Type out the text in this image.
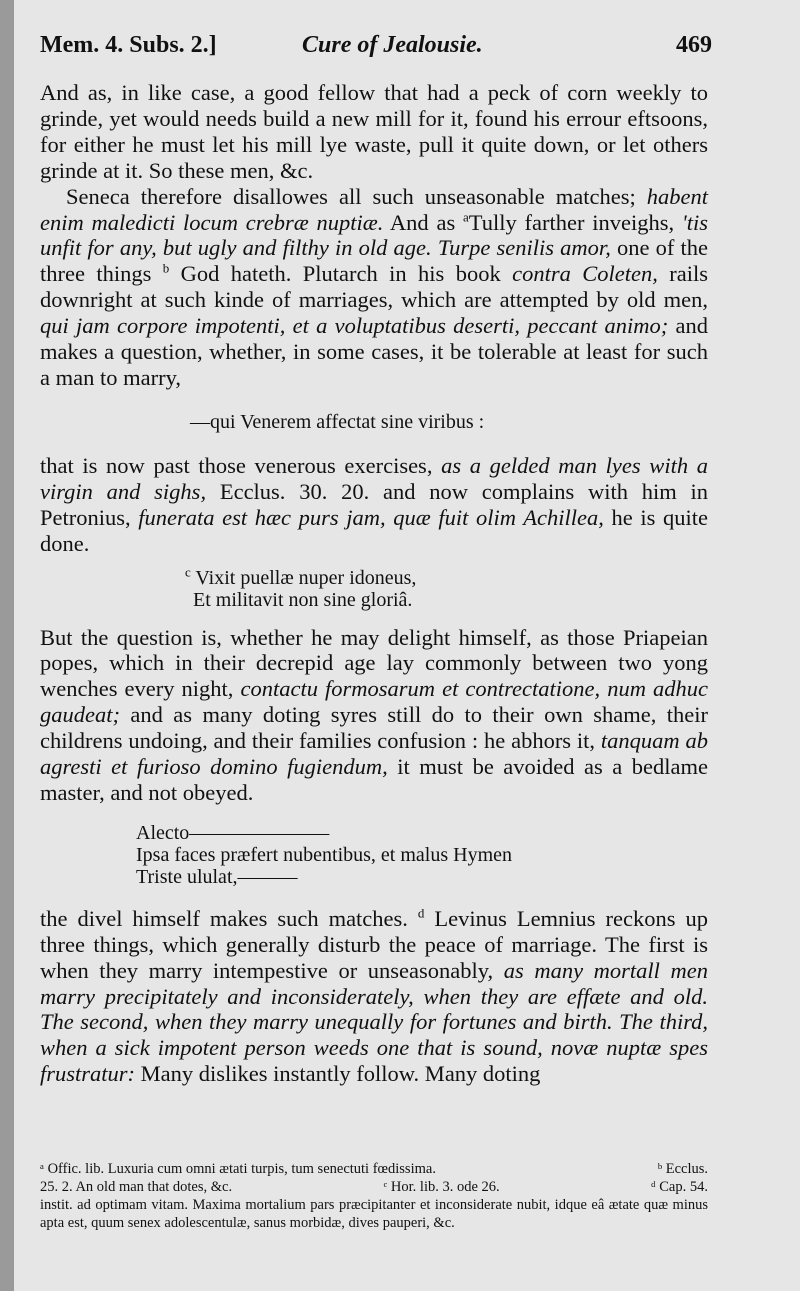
Mem. 4. Subs. 2.]	Cure of Jealousie.	469

And as, in like case, a good fellow that had a peck of corn weekly to grinde, yet would needs build a new mill for it, found his errour eftsoons, for either he must let his mill lye waste, pull it quite down, or let others grinde at it. So these men, &c.

Seneca therefore disallowes all such unseasonable matches; habent enim maledicti locum crebræ nuptiæ. And as $^a$Tully farther inveighs, 'tis unfit for any, but ugly and filthy in old age. Turpe senilis amor, one of the three things $^b$ God hateth. Plutarch in his book contra Coleten, rails downright at such kinde of marriages, which are attempted by old men, qui jam corpore impotenti, et a voluptatibus deserti, peccant animo; and makes a question, whether, in some cases, it be tolerable at least for such a man to marry,

—qui Venerem affectat sine viribus :

that is now past those venerous exercises, as a gelded man lyes with a virgin and sighs, Ecclus. 30. 20. and now complains with him in Petronius, funerata est hæc purs jam, quæ fuit olim Achillea, he is quite done.

$^c$ Vixit puellæ nuper idoneus,
Et militavit non sine gloriâ.

But the question is, whether he may delight himself, as those Priapeian popes, which in their decrepid age lay commonly between two yong wenches every night, contactu formosarum et contrectatione, num adhuc gaudeat; and as many doting syres still do to their own shame, their childrens undoing, and their families confusion : he abhors it, tanquam ab agresti et furioso domino fugiendum, it must be avoided as a bedlame master, and not obeyed.

Alecto———————
Ipsa faces præfert nubentibus, et malus Hymen
Triste ululat,———

the divel himself makes such matches. $^d$ Levinus Lemnius reckons up three things, which generally disturb the peace of marriage. The first is when they marry intempestive or unseasonably, as many mortall men marry precipitately and inconsiderately, when they are effæte and old. The second, when they marry unequally for fortunes and birth. The third, when a sick impotent person weeds one that is sound, novæ nuptæ spes frustratur: Many dislikes instantly follow. Many doting

ᵃ Offic. lib. Luxuria cum omni ætati turpis, tum senectuti fœdissima.	ᵇ Ecclus.
25. 2. An old man that dotes, &c.	ᶜ Hor. lib. 3. ode 26.	ᵈ Cap. 54.
instit. ad optimam vitam. Maxima mortalium pars præcipitanter et inconsiderate nubit, idque eâ ætate quæ minus apta est, quum senex adolescentulæ, sanus morbidæ, dives pauperi, &c.
